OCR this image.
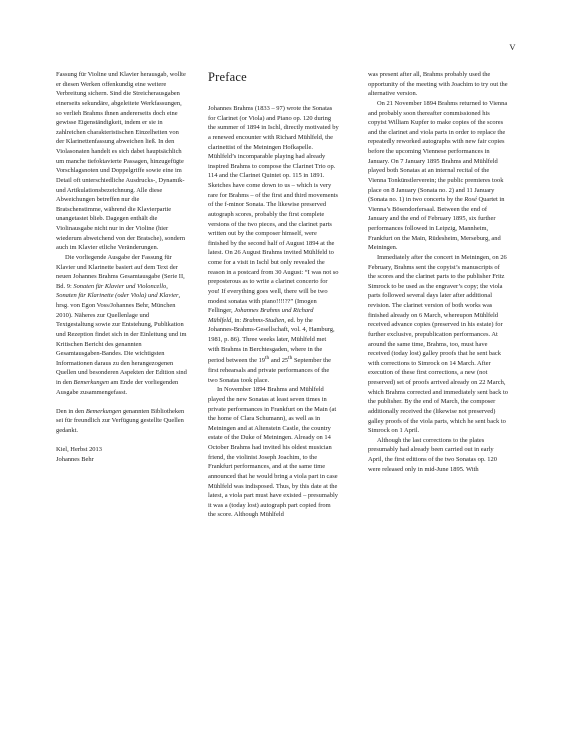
V

Fassung für Violine und Klavier herausgab, wollte er diesen Werken offenkundig eine weitere Verbreitung sichern. Sind die Streicherausgaben einerseits sekundäre, abgeleitete Werkfassungen, so verlieh Brahms ihnen andererseits doch eine gewisse Eigenständigkeit, indem er sie in zahlreichen charakteristischen Einzelheiten von der Klarinettenfassung abweichen ließ. In den Violasonaten handelt es sich dabei hauptsächlich um manche tiefoktavierte Passagen, hinzugefügte Vorschlagsnoten und Doppelgriffe sowie eine im Detail oft unterschiedliche Ausdrucks-, Dynamik- und Artikulationsbezeichnung. Alle diese Abweichungen betreffen nur die Bratschenstimme, während die Klavierpartie unangetastet blieb. Dagegen enthält die Violinausgabe nicht nur in der Violine (hier wiederum abweichend von der Bratsche), sondern auch im Klavier etliche Veränderungen.

Die vorliegende Ausgabe der Fassung für Klavier und Klarinette basiert auf dem Text der neuen Johannes Brahms Gesamtausgabe (Serie II, Bd. 9: Sonaten für Klavier und Violoncello, Sonaten für Klarinette (oder Viola) und Klavier, hrsg. von Egon Voss/Johannes Behr, München 2010). Näheres zur Quellenlage und Textgestaltung sowie zur Entstehung, Publikation und Rezeption findet sich in der Einleitung und im Kritischen Bericht des genannten Gesamtausgaben-Bandes. Die wichtigsten Informationen daraus zu den herangezogenen Quellen und besonderen Aspekten der Edition sind in den Bemerkungen am Ende der vorliegenden Ausgabe zusammengefasst.

Den in den Bemerkungen genannten Bibliotheken sei für freundlich zur Verfügung gestellte Quellen gedankt.

Kiel, Herbst 2013

Johannes Behr

Preface

Johannes Brahms (1833 – 97) wrote the Sonatas for Clarinet (or Viola) and Piano op. 120 during the summer of 1894 in Ischl, directly motivated by a renewed encounter with Richard Mühlfeld, the clarinettist of the Meiningen Hofkapelle. Mühlfeld’s incomparable playing had already inspired Brahms to compose the Clarinet Trio op. 114 and the Clarinet Quintet op. 115 in 1891. Sketches have come down to us – which is very rare for Brahms – of the first and third movements of the f-minor Sonata. The likewise preserved autograph scores, probably the first complete versions of the two pieces, and the clarinet parts written out by the composer himself, were finished by the second half of August 1894 at the latest. On 26 August Brahms invited Mühlfeld to come for a visit in Ischl but only revealed the reason in a postcard from 30 August: “I was not so preposterous as to write a clarinet concerto for you! If everything goes well, there will be two modest sonatas with piano!!!!??” (Imogen Fellinger, Johannes Brahms und Richard Mühlfeld, in: Brahms-Studien, ed. by the Johannes-Brahms-Gesellschaft, vol. 4, Hamburg, 1981, p. 86). Three weeks later, Mühlfeld met with Brahms in Berchtesgaden, where in the period between the 19th and 25th September the first rehearsals and private performances of the two Sonatas took place.

In November 1894 Brahms and Mühlfeld played the new Sonatas at least seven times in private performances in Frankfurt on the Main (at the home of Clara Schumann), as well as in Meiningen and at Altenstein Castle, the country estate of the Duke of Meiningen. Already on 14 October Brahms had invited his oldest musician friend, the violinist Joseph Joachim, to the Frankfurt performances, and at the same time announced that he would bring a viola part in case Mühlfeld was indisposed. Thus, by this date at the latest, a viola part must have existed – presumably it was a (today lost) autograph part copied from the score. Although Mühlfeld

was present after all, Brahms probably used the opportunity of the meeting with Joachim to try out the alternative version.

On 21 November 1894 Brahms returned to Vienna and probably soon thereafter commissioned his copyist William Kupfer to make copies of the scores and the clarinet and viola parts in order to replace the repeatedly reworked autographs with new fair copies before the upcoming Viennese performances in January. On 7 January 1895 Brahms and Mühlfeld played both Sonatas at an internal recital of the Vienna Tonkünstlerverein; the public premieres took place on 8 January (Sonata no. 2) and 11 January (Sonata no. 1) in two concerts by the Rosé Quartet in Vienna’s Bösendorfersaal. Between the end of January and the end of February 1895, six further performances followed in Leipzig, Mannheim, Frankfurt on the Main, Rüdesheim, Merseburg, and Meiningen.

Immediately after the concert in Meiningen, on 26 February, Brahms sent the copyist’s manuscripts of the scores and the clarinet parts to the publisher Fritz Simrock to be used as the engraver’s copy; the viola parts followed several days later after additional revision. The clarinet version of both works was finished already on 6 March, whereupon Mühlfeld received advance copies (preserved in his estate) for further exclusive, prepublication performances. At around the same time, Brahms, too, must have received (today lost) galley proofs that he sent back with corrections to Simrock on 14 March. After execution of these first corrections, a new (not preserved) set of proofs arrived already on 22 March, which Brahms corrected and immediately sent back to the publisher. By the end of March, the composer additionally received the (likewise not preserved) galley proofs of the viola parts, which he sent back to Simrock on 1 April.

Although the last corrections to the plates presumably had already been carried out in early April, the first editions of the two Sonatas op. 120 were released only in mid-June 1895. With
